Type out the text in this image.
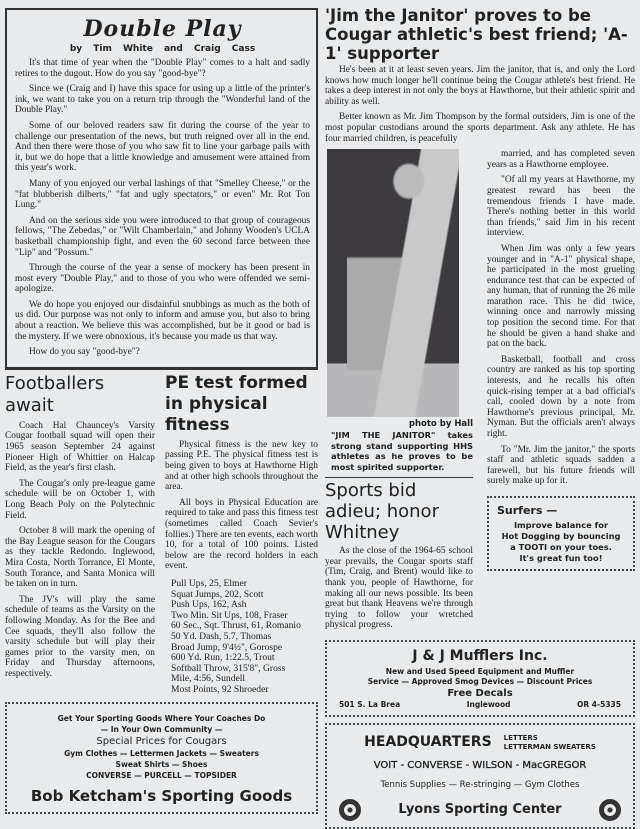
Double Play
by Tim White and Craig Cass

It's that time of year when the "Double Play" comes to a halt and sadly retires to the dugout. How do you say "good-bye"?

Since we (Craig and I) have this space for using up a little of the printer's ink, we want to take you on a return trip through the "Wonderful land of the Double Play."

Some of our beloved readers saw fit during the course of the year to challenge our presentation of the news, but truth reigned over all in the end. And then there were those of you who saw fit to line your garbage pails with it, but we do hope that a little knowledge and amusement were attained from this year's work.

Many of you enjoyed our verbal lashings of that "Smelley Cheese," or the "fat blubberish dilberts," "fat and ugly spectators," or even" Mr. Rot Ton Lung."

And on the serious side you were introduced to that group of courageous fellows, "The Zebedas," or "Wilt Chamberlain," and Johnny Wooden's UCLA basketball championship fight, and even the 60 second farce between thee "Lip" and "Possum."

Through the course of the year a sense of mockery has been present in most every "Double Play," and to those of you who were offended we semi-apologize.

We do hope you enjoyed our disdainful snubbings as much as the both of us did. Our purpose was not only to inform and amuse you, but also to bring about a reaction. We believe this was accomplished, but be it good or bad is the mystery. If we were obnoxious, it's because you made us that way.

How do you say "good-bye"?

Footballers await

Coach Hal Chauncey's Varsity Cougar football squad will open their 1965 season September 24 against Pioneer High of Whittier on Halcap Field, as the year's first clash.

The Cougar's only pre-league game schedule will be on October 1, with Long Beach Poly on the Polytechnic Field.

October 8 will mark the opening of the Bay League season for the Cougars as they tackle Redondo. Inglewood, Mira Costa, North Torrance, El Monte, South Torance, and Santa Monica will be taken on in turn.

The JV's will play the same schedule of teams as the Varsity on the following Monday. As for the Bee and Cee squads, they'll also follow the varsity schedule but will play their games prior to the varsity men, on Friday and Thursday afternoons, respectively.

PE test formed in physical fitness

Physical fitness is the new key to passing P.E. The physical fitness test is being given to boys at Hawthorne High and at other high schools throughout the area.

All boys in Physical Education are required to take and pass this fitness test (sometimes called Coach Sevier's follies.) There are ten events, each worth 10, for a total of 100 points. Listed below are the record holders in each event.

Pull Ups, 25, Elmer
Squat Jumps, 202, Scott
Push Ups, 162, Ash
Two Min. Sit Ups, 108, Fraser
60 Sec., Sqt. Thrust, 61, Romanio
50 Yd. Dash, 5.7, Thomas
Broad Jump, 9'4½", Gorospe
600 Yd. Run, 1:22.5, Trout
Softball Throw, 315'8", Gross
Mile, 4:56, Sundell
Most Points, 92 Shroeder
Get Your Sporting Goods Where Your Coaches Do
— In Your Own Community —
Special Prices for Cougars
Gym Clothes — Lettermen Jackets — Sweaters
Sweat Shirts — Shoes
CONVERSE — PURCELL — TOPSIDER
Bob Ketcham's Sporting Goods
'Jim the Janitor' proves to be Cougar athletic's best friend; 'A-1' supporter

He's been at it at least seven years. Jim the janitor, that is, and only the Lord knows how much longer he'll continue being the Cougar athlete's best friend. He takes a deep interest in not only the boys at Hawthorne, but their athletic spirit and ability as well.

Better known as Mr. Jim Thompson by the formal outsiders, Jim is one of the most popular custodians around the sports department. Ask any athlete. He has four married children, is peacefully

photo by Hall
"JIM THE JANITOR" takes strong stand supporting HHS athletes as he proves to be most spirited supporter.
Sports bid adieu; honor Whitney

As the close of the 1964-65 school year prevails, the Cougar sports staff (Tim, Craig, and Brent) would like to thank you, people of Hawthorne, for making all our news possible. Its been great but thank Heavens we're through trying to follow your wretched physical progress.

married, and has completed seven years as a Hawthorne employee.

"Of all my years at Hawthorne, my greatest reward has been the tremendous friends I have made. There's nothing better in this world than friends," said Jim in his recent interview.

When Jim was only a few years younger and in "A-1" physical shape, he participated in the most grueling endurance test that can be expected of any human, that of running the 26 mile marathon race. This he did twice, winning once and narrowly missing top position the second time. For that he should be given a hand shake and pat on the back.

Basketball, football and cross country are ranked as his top sporting interests, and he recalls his often quick-rising temper at a bad official's call, cooled down by a note from Hawthorne's previous principal, Mr. Nyman. But the officials aren't always right.

To "Mr. Jim the janitor," the sports staff and athletic squads sadden a farewell, but his future friends will surely make up for it.

Surfers —
Improve balance for
Hot Dogging by bouncing
a TOOTI on your toes.
It's great fun too!
J & J Mufflers Inc.
New and Used Speed Equipment and Muffler
Service — Approved Smog Devices — Discount Prices
Free Decals
501 S. La Brea	Inglewood	OR 4-5335
HEADQUARTERS LETTERS
LETTERMAN SWEATERS
VOIT - CONVERSE - WILSON - MacGREGOR
Tennis Supplies — Re-stringing — Gym Clothes
Lyons Sporting Center
